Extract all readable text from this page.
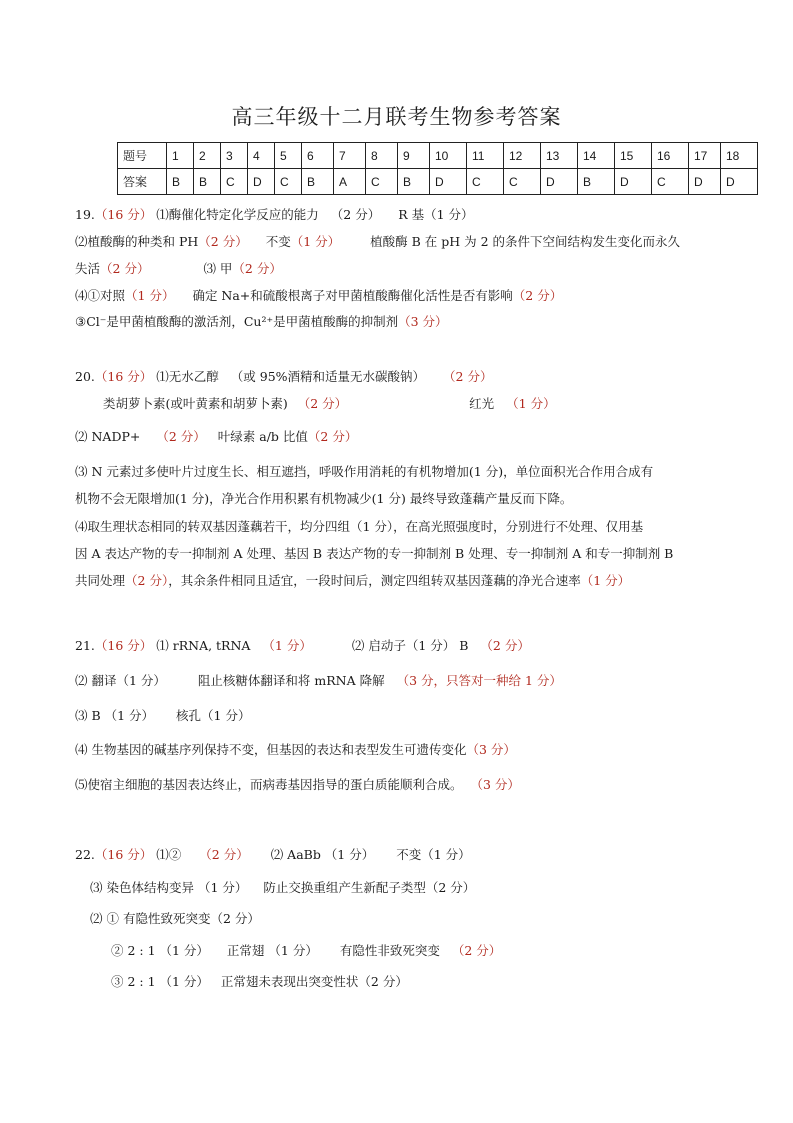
高三年级十二月联考生物参考答案
题号	1	2	3	4	5	6	7	8	9	10	11	12	13	14	15	16	17	18
答案	B	B	C	D	C	B	A	C	B	D	C	C	D	B	D	C	D	D
19.（16 分） ⑴酶催化特定化学反应的能力 （2 分） R 基（1 分）
⑵植酸酶的种类和 PH（2 分） 不变（1 分） 植酸酶 B 在 pH 为 2 的条件下空间结构发生变化而永久
失活（2 分）	⑶ 甲（2 分）
⑷①对照（1 分） 确定 Na+和硫酸根离子对甲菌植酸酶催化活性是否有影响（2 分）
③Cl⁻是甲菌植酸酶的激活剂，Cu²⁺是甲菌植酸酶的抑制剂（3 分）
20.（16 分） ⑴无水乙醇 （或 95%酒精和适量无水碳酸钠） （2 分）
类胡萝卜素(或叶黄素和胡萝卜素) （2 分）	红光 （1 分）
⑵ NADP+ （2 分） 叶绿素 a/b 比值（2 分）
⑶ N 元素过多使叶片过度生长、相互遮挡，呼吸作用消耗的有机物增加(1 分)，单位面积光合作用合成有
机物不会无限增加(1 分)，净光合作用积累有机物减少(1 分) 最终导致蓬藕产量反而下降。
⑷取生理状态相同的转双基因蓬藕若干，均分四组（1 分），在高光照强度时，分别进行不处理、仅用基
因 A 表达产物的专一抑制剂 A 处理、基因 B 表达产物的专一抑制剂 B 处理、专一抑制剂 A 和专一抑制剂 B
共同处理（2 分），其余条件相同且适宜，一段时间后，测定四组转双基因蓬藕的净光合速率（1 分）
21.（16 分） ⑴ rRNA, tRNA （1 分）	⑵ 启动子（1 分） B （2 分）
⑵ 翻译（1 分）	阻止核糖体翻译和将 mRNA 降解 （3 分，只答对一种给 1 分）
⑶ B （1 分） 核孔（1 分）
⑷ 生物基因的碱基序列保持不变，但基因的表达和表型发生可遗传变化（3 分）
⑸使宿主细胞的基因表达终止，而病毒基因指导的蛋白质能顺利合成。 （3 分）
22.（16 分） ⑴② （2 分） ⑵ AaBb （1 分） 不变（1 分）
⑶ 染色体结构变异 （1 分） 防止交换重组产生新配子类型（2 分）
⑵ ① 有隐性致死突变（2 分）
② 2 : 1 （1 分） 正常翅 （1 分） 有隐性非致死突变 （2 分）
③ 2 : 1 （1 分） 正常翅未表现出突变性状（2 分）
